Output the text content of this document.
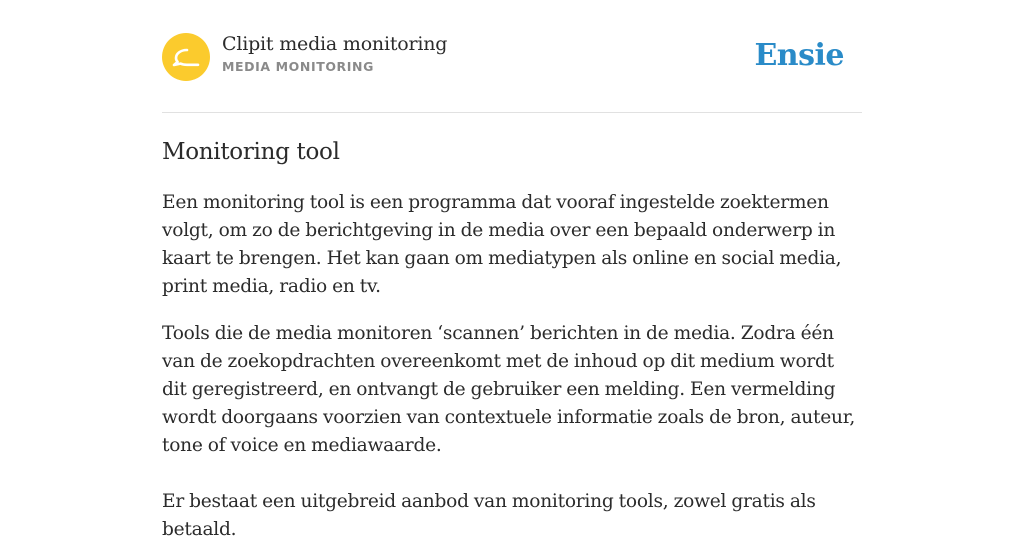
Clipit media monitoring
MEDIA MONITORING	Ensie
Monitoring tool

Een monitoring tool is een programma dat vooraf ingestelde zoektermen volgt, om zo de berichtgeving in de media over een bepaald onderwerp in kaart te brengen. Het kan gaan om mediatypen als online en social media, print media, radio en tv.

Tools die de media monitoren ‘scannen’ berichten in de media. Zodra één van de zoekopdrachten overeenkomt met de inhoud op dit medium wordt dit geregistreerd, en ontvangt de gebruiker een melding. Een vermelding wordt doorgaans voorzien van contextuele informatie zoals de bron, auteur, tone of voice en mediawaarde.

Er bestaat een uitgebreid aanbod van monitoring tools, zowel gratis als betaald.
